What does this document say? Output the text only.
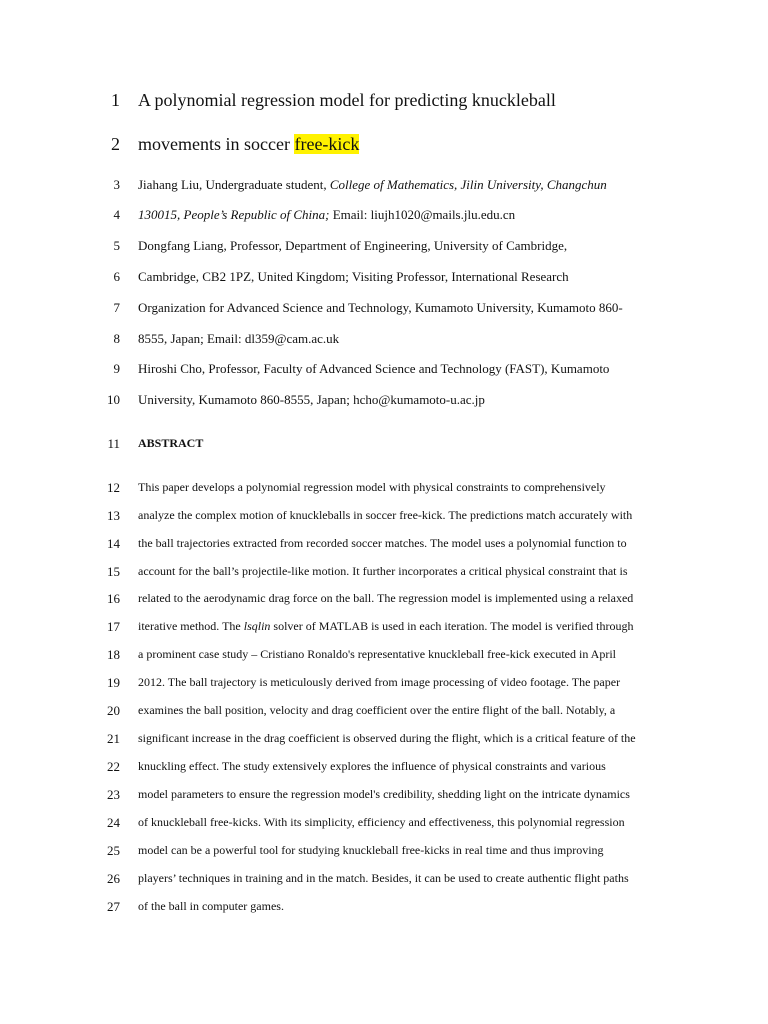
1 A polynomial regression model for predicting knuckleball
2 movements in soccer free-kick
3 Jiahang Liu, Undergraduate student, College of Mathematics, Jilin University, Changchun
4 130015, People’s Republic of China; Email: liujh1020@mails.jlu.edu.cn
5 Dongfang Liang, Professor, Department of Engineering, University of Cambridge,
6 Cambridge, CB2 1PZ, United Kingdom; Visiting Professor, International Research
7 Organization for Advanced Science and Technology, Kumamoto University, Kumamoto 860-
8 8555, Japan; Email: dl359@cam.ac.uk
9 Hiroshi Cho, Professor, Faculty of Advanced Science and Technology (FAST), Kumamoto
10 University, Kumamoto 860-8555, Japan; hcho@kumamoto-u.ac.jp
11 ABSTRACT
12 This paper develops a polynomial regression model with physical constraints to comprehensively
13 analyze the complex motion of knuckleballs in soccer free-kick. The predictions match accurately with
14 the ball trajectories extracted from recorded soccer matches. The model uses a polynomial function to
15 account for the ball’s projectile-like motion. It further incorporates a critical physical constraint that is
16 related to the aerodynamic drag force on the ball. The regression model is implemented using a relaxed
17 iterative method. The lsqlin solver of MATLAB is used in each iteration. The model is verified through
18 a prominent case study – Cristiano Ronaldo's representative knuckleball free-kick executed in April
19 2012. The ball trajectory is meticulously derived from image processing of video footage. The paper
20 examines the ball position, velocity and drag coefficient over the entire flight of the ball. Notably, a
21 significant increase in the drag coefficient is observed during the flight, which is a critical feature of the
22 knuckling effect. The study extensively explores the influence of physical constraints and various
23 model parameters to ensure the regression model's credibility, shedding light on the intricate dynamics
24 of knuckleball free-kicks. With its simplicity, efficiency and effectiveness, this polynomial regression
25 model can be a powerful tool for studying knuckleball free-kicks in real time and thus improving
26 players’ techniques in training and in the match. Besides, it can be used to create authentic flight paths
27 of the ball in computer games.
